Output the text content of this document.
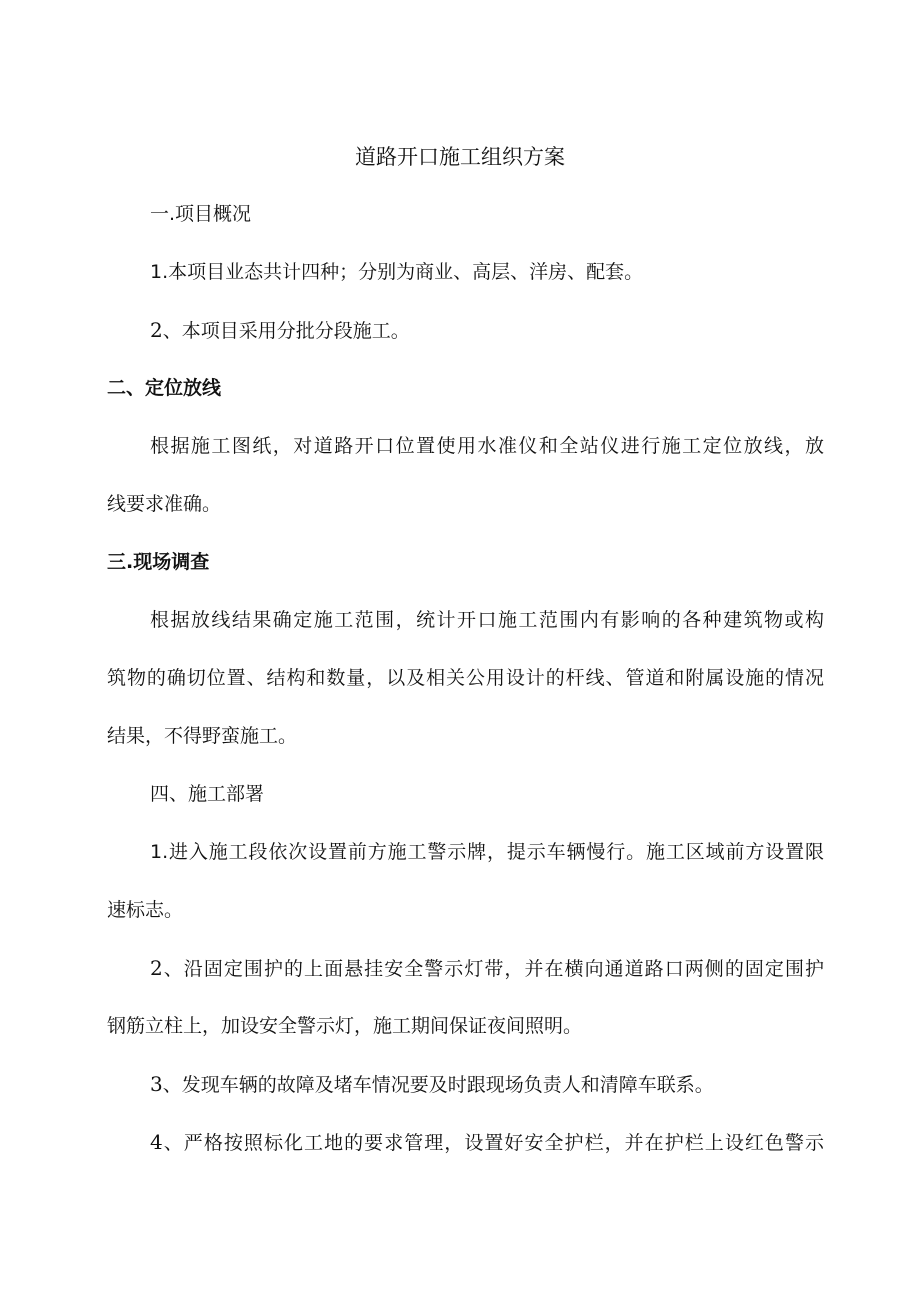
道路开口施工组织方案

一.项目概况

1.本项目业态共计四种；分别为商业、高层、洋房、配套。

2、本项目采用分批分段施工。

二、定位放线

根据施工图纸，对道路开口位置使用水准仪和全站仪进行施工定位放线，放

线要求准确。

三.现场调查

根据放线结果确定施工范围，统计开口施工范围内有影响的各种建筑物或构

筑物的确切位置、结构和数量，以及相关公用设计的杆线、管道和附属设施的情况

结果，不得野蛮施工。

四、施工部署

1.进入施工段依次设置前方施工警示牌，提示车辆慢行。施工区域前方设置限

速标志。

2、沿固定围护的上面悬挂安全警示灯带，并在横向通道路口两侧的固定围护

钢筋立柱上，加设安全警示灯，施工期间保证夜间照明。

3、发现车辆的故障及堵车情况要及时跟现场负责人和清障车联系。

4、严格按照标化工地的要求管理，设置好安全护栏，并在护栏上设红色警示
